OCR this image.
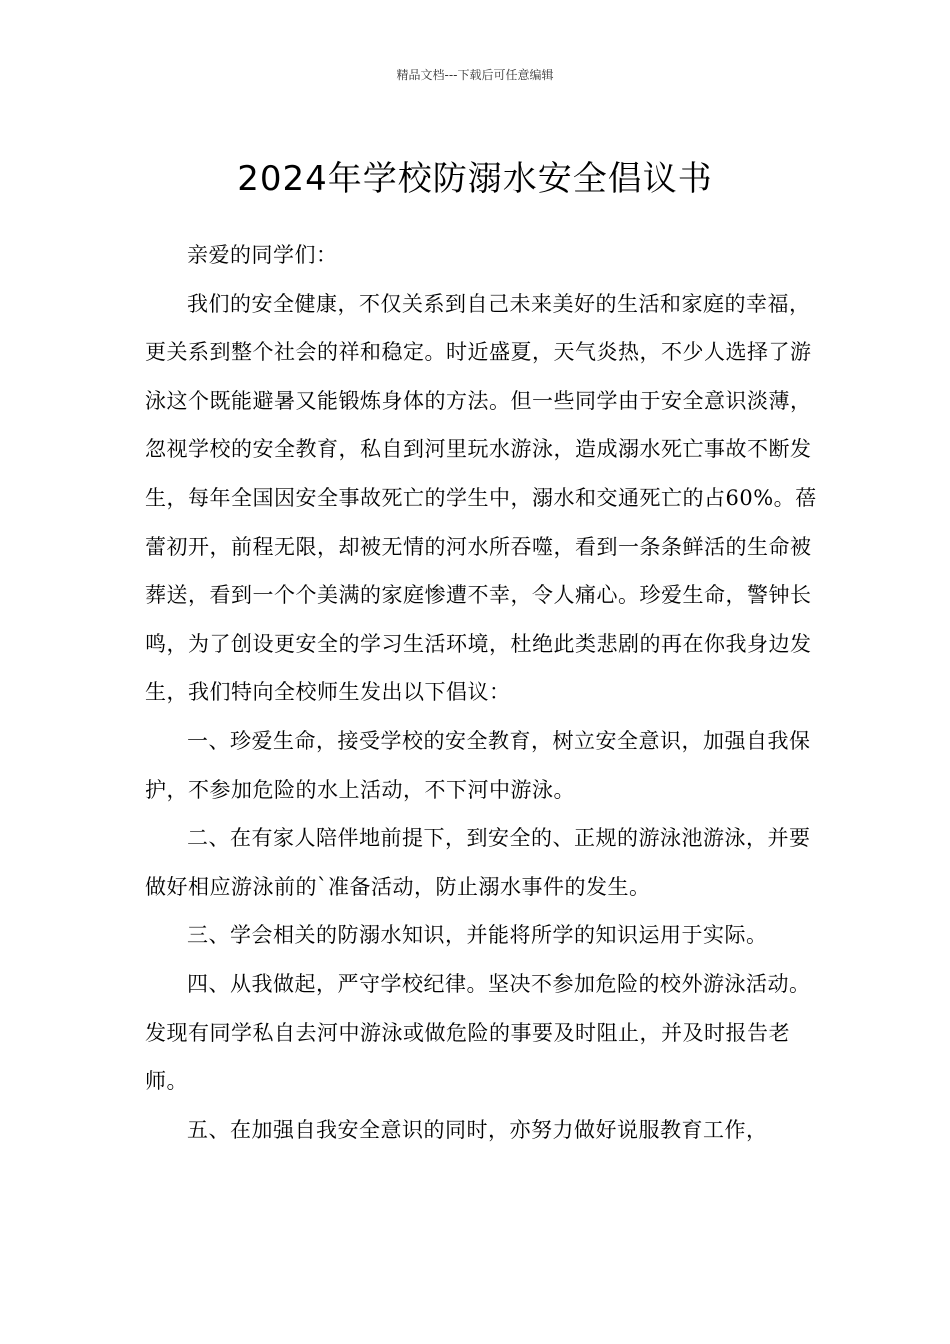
精品文档---下载后可任意编辑
2024年学校防溺水安全倡议书

亲爱的同学们：

我们的安全健康，不仅关系到自己未来美好的生活和家庭的幸福，更关系到整个社会的祥和稳定。时近盛夏，天气炎热，不少人选择了游泳这个既能避暑又能锻炼身体的方法。但一些同学由于安全意识淡薄，忽视学校的安全教育，私自到河里玩水游泳，造成溺水死亡事故不断发生，每年全国因安全事故死亡的学生中，溺水和交通死亡的占60%。蓓蕾初开，前程无限，却被无情的河水所吞噬，看到一条条鲜活的生命被葬送，看到一个个美满的家庭惨遭不幸，令人痛心。珍爱生命，警钟长鸣，为了创设更安全的学习生活环境，杜绝此类悲剧的再在你我身边发生，我们特向全校师生发出以下倡议：

一、珍爱生命，接受学校的安全教育，树立安全意识，加强自我保护，不参加危险的水上活动，不下河中游泳。

二、在有家人陪伴地前提下，到安全的、正规的游泳池游泳，并要做好相应游泳前的`准备活动，防止溺水事件的发生。

三、学会相关的防溺水知识，并能将所学的知识运用于实际。

四、从我做起，严守学校纪律。坚决不参加危险的校外游泳活动。发现有同学私自去河中游泳或做危险的事要及时阻止，并及时报告老师。

五、在加强自我安全意识的同时，亦努力做好说服教育工作，
